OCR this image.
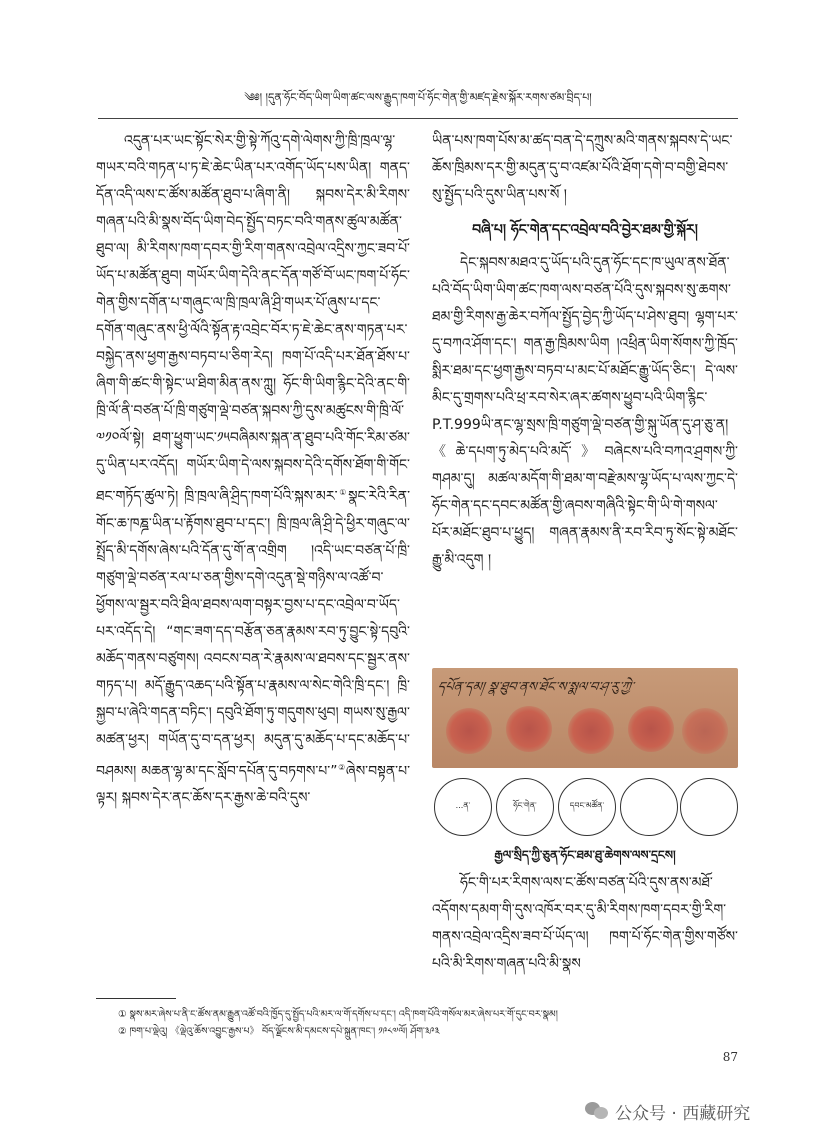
༄༅། །དུན་ཧོང་བོད་ཡིག་ཡིག་ཚང་ལས་རྒྱུད་ཁག་པོ་ཧོང་གེན་གྱི་མཛད་རྗེས་སྐོར་རགས་ཙམ་བྲིད་པ།

འདུན་པར་ཡང་སྟོང་སེར་གྱི་སྟེ་ཀོའུ་དགེ་ལེགས་ཀྱི་ཁྲི་ཁྲལ་ལྷ་གཡར་བའི་གཏན་པ་ཏ་ཇེ་ཆེང་ཡིན་པར་འགོད་ཡོད་པས་ཡིན། གནད་དོན་འདི་ལས་ང་ཚོས་མཚོན་ཐུབ་པ་ཞིག་ནི། སྐབས་དེར་མི་རིགས་གཞན་པའི་མི་སྣས་བོད་ཡིག་བེད་སྤྱོད་བཏང་བའི་གནས་ཚུལ་མཚོན་ཐུབ་ལ། མི་རིགས་ཁག་དབར་གྱི་རིག་གནས་འབྲེལ་འདྲིས་ཀྱང་ཟབ་པོ་ཡོད་པ་མཚོན་ཐུབ། གཡོར་ཡིག་དེའི་ནང་དོན་གཙོ་བོ་ཡང་ཁག་པོ་ཧོང་གེན་གྱིས་དགོན་པ་གཞུང་ལ་ཁྲི་ཁྲལ་ཞི་ཤྲི་གཡར་པོ་ཞུས་པ་དང་དགོན་གཞུང་ནས་ཕྱི་ལོའི་སྟོན་རྟ་འབྲེང་བོར་ཏ་ཇེ་ཆེང་ནས་གཏན་པར་བསྐྱེད་ནས་ཕྱག་རྒྱས་བཏབ་པ་ཅིག་རེད། ཁག་པོ་འདི་པར་ཐོན་ཐོས་པ་ཞིག་གི་ཚང་གི་སྟེང་ཡ་ཐིག་མིན་ནས་ཀླུ། ཧོང་གི་ཡིག་རྙིང་དེའི་ནང་གི་ཁྲི་ལོ་ནི་བཙན་པོ་ཁྲི་གཙུག་ལྡེ་བཙན་སྐབས་ཀྱི་དུས་མཚུངས་གི་ཁྲི་ལོ་༧༡༠ལོ་སྟེ། ཐག་ཕྱུག་ཡང་༡༥བཞིམས་སྐན་ན་ཐུབ་པའི་གོང་རིམ་ཙམ་དུ་ཡིན་པར་འདོད། གཡོར་ཡིག་དེ་ལས་སྐབས་དེའི་དགོས་ཐོག་གི་གོང་ཐང་གཏོད་ཚུལ་ཏེ། ཁྲི་ཁྲལ་ཞི་ཤྲིད་ཁག་པོའི་སྐས་མར་①སྣང་རེའི་རིན་གོང་ཆ་ཁཎྜ་ཡིན་པ་རྟོགས་ཐུབ་པ་དང་། ཁྲི་ཁྲལ་ཞི་ཤྲི་དེ་ཕྱིར་གཞུང་ལ་སྤྲོད་མི་དགོས་ཞེས་པའི་དོན་དུ་གོ་ན་འགྲིག །འདི་ཡང་བཙན་པོ་ཁྲི་གཙུག་ལྡེ་བཙན་རལ་པ་ཅན་གྱིས་དགེ་འདུན་སྡེ་གཉིས་ལ་འཚོ་བ་ཕྱོགས་ལ་སྦྱར་བའི་ཐིལ་ཐབས་ལག་བསྟར་བྱས་པ་དང་འབྲེལ་བ་ཡོད་པར་འདོད་དེ། “གང་ཟག་དད་བརྩོན་ཅན་རྣམས་རབ་ཏུ་བྱུང་སྟེ་དབུའི་མཆོད་གནས་བཙུགས། འབངས་བན་རེ་རྣམས་ལ་ཐབས་དང་སྦྱར་ནས་གཏད་པ། མདོ་རྒྱུད་འཆད་པའི་སྟོན་པ་རྣམས་ལ་སེང་གེའི་ཁྲི་དང་། ཁྲི་སྐྱབ་པ་ཞེའི་གདན་བཏིང་། དབུའི་ཐོག་ཏུ་གདུགས་ཕུབ། གཡས་སུ་རྒྱལ་མཚན་ཕྱར། གཡོན་དུ་བ་དན་ཕྱར། མདུན་དུ་མཆོད་པ་དང་མཆོད་པ་བཤམས། མཆན་ལྷ་མ་དང་སློབ་དཔོན་དུ་བཏགས་པ་”②ཞེས་བསྟན་པ་ལྟར། སྐབས་དེར་ནང་ཆོས་དར་རྒྱས་ཆེ་བའི་དུས་

ཡིན་པས་ཁག་པོས་མ་ཚད་བན་དེ་དཀྲུས་མའི་གནས་སྐབས་དེ་ཡང་ཆོས་ཁྲིམས་དར་གྱི་མདུན་དུ་བ་འཛམ་པོའི་ཐོག་དགེ་བ་བགྱི་ཐེབས་སུ་སྤྱོད་པའི་དུས་ཡིན་པས་སོ །

བཞི་པ། ཧོང་གེན་དང་འབྲེལ་བའི་བྱེར་ཐམ་གྱི་སྐོར།

དེང་སྐབས་མཐའ་དུ་ཡོད་པའི་དུན་ཧོང་དང་ཁ་ཡུལ་ནས་ཐོན་པའི་བོད་ཡིག་ཡིག་ཚང་ཁག་ལས་བཙན་པོའི་དུས་སྐབས་སུ་ཆགས་ཐམ་གྱི་རིགས་རྒྱ་ཆེར་བཀོལ་སྤྱོད་བྱེད་ཀྱི་ཡོད་པ་ཤེས་ཐུབ། ལྷག་པར་དུ་བཀའ་ཤོག་དང་། གན་རྒྱ་ཁྲིམས་ཡིག །འཕྲིན་ཡིག་སོགས་ཀྱི་ཁྲོད་སྨིར་ཐམ་དང་ཕྱག་རྒྱས་བཏབ་པ་མང་པོ་མཐོང་རྒྱུ་ཡོད་ཅིང་། དེ་ལས་མིང་དུ་གྲགས་པའི་ཕྲ་རབ་སེར་ཞར་ཚགས་ཕྱུབ་པའི་ཡིག་རྙིང་P.T.999ཡི་ནང་ལྷ་སྲས་ཁྲི་གཙུག་ལྡེ་བཙན་གྱི་སྐུ་ཡོན་དུ་ཤ་ཅུ་ན།《ཆེ་དཔག་ཏུ་མེད་པའི་མདོ་》བཞེངས་པའི་བཀའ་ཤྲགས་ཀྱི་གཤམ་དུ། མཚལ་མདོག་གི་ཐམ་ག་བརྫེམས་ལྷ་ཡོད་པ་ལས་ཀྱང་དེ་ཧོང་གེན་དང་དབང་མཚོན་གྱི་ཞབས་གཞིའི་སྟེང་གི་ཡི་གེ་གསལ་པོར་མཐོང་ཐུབ་པ་ཕྱུད། གཞན་རྣམས་ནི་རབ་རིབ་ཏུ་སོང་སྟེ་མཐོང་རྒྱུ་མི་འདུག །

དཔོན་དམ། སྣ་ཐུབ་ནས་ཐོང་ས་སྨལ་བ་ཤ་རུ་ཀྱེ་
...ན་	ཧོང་གེན་	དབང་མཚོན་
རྒྱལ་སྲིད་ཀྱི་ཅུན་ཧོང་ཐམ་ཐུ་ཆེགས་ལས་དྲངས།

ཧོང་གི་པར་རིགས་ལས་ང་ཚོས་བཙན་པོའི་དུས་ནས་མཐོ་འདོགས་དམག་གི་དུས་འཁོར་བར་དུ་མི་རིགས་ཁག་དབར་གྱི་རིག་གནས་འབྲེལ་འདྲིས་ཟབ་པོ་ཡོད་ལ། ཁག་པོ་ཧོང་གེན་གྱིས་གཙོས་པའི་མི་རིགས་གཞན་པའི་མི་སྣས

① སྣས་མར་ཞེས་པ་ནི་ང་ཚོས་ནམ་རྒྱུན་འཚོ་བའི་ཁྱོད་དུ་སྤྱོད་པའི་མར་ལ་གོ་དགོས་པ་དང་། འདི་ཁག་པོའི་གསོལ་མར་ཞེས་པར་གོ་དུང་བར་སྣམ།
② ཁག་པ་ལྡེའུ། 《ལྡེའུ་ཆོས་འབྱུང་རྒྱས་པ》 བོད་ལྗོངས་མི་དམངས་དཔེ་སྐྲུན་ཁང་། ༡༩༨༧ལོ། ཤོག་༣༩༣
87
公众号 · 西藏研究
